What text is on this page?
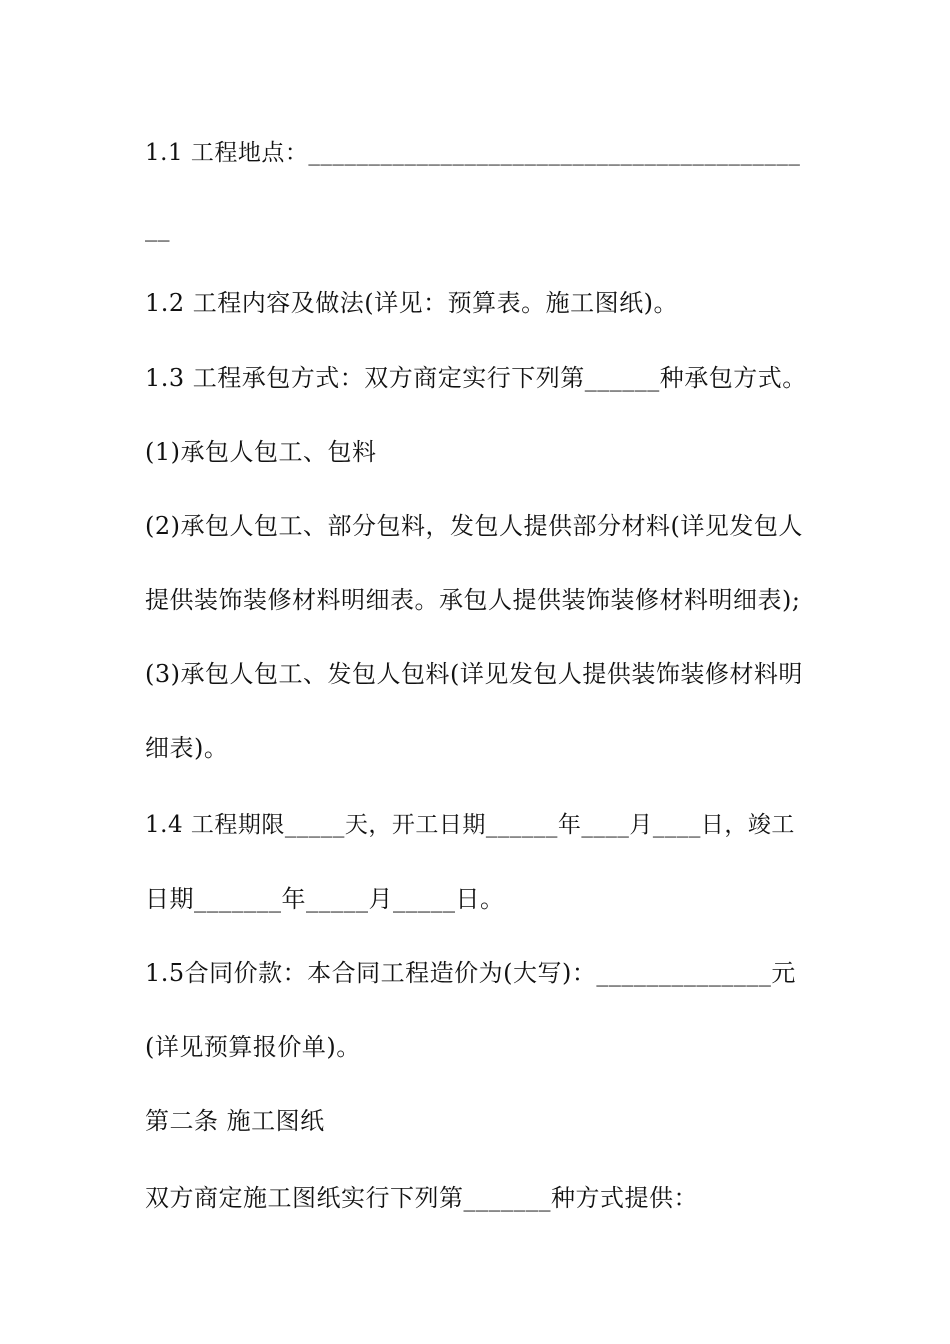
1.1 工程地点：_________________________________________
__
1.2 工程内容及做法(详见：预算表。施工图纸)。
1.3 工程承包方式：双方商定实行下列第______种承包方式。
(1)承包人包工、包料
(2)承包人包工、部分包料，发包人提供部分材料(详见发包人
提供装饰装修材料明细表。承包人提供装饰装修材料明细表);
(3)承包人包工、发包人包料(详见发包人提供装饰装修材料明
细表)。
1.4 工程期限_____天，开工日期______年____月____日，竣工
日期_______年_____月_____日。
1.5合同价款：本合同工程造价为(大写)：______________元
(详见预算报价单)。
第二条 施工图纸
双方商定施工图纸实行下列第_______种方式提供：
